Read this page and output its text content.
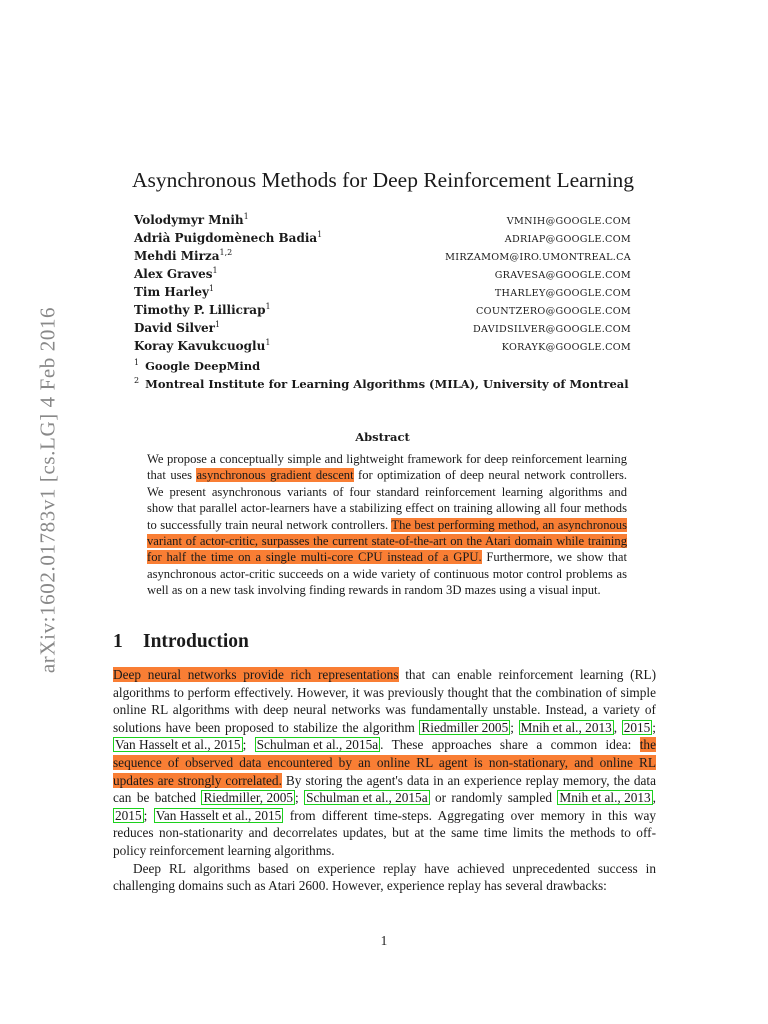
arXiv:1602.01783v1 [cs.LG] 4 Feb 2016
Asynchronous Methods for Deep Reinforcement Learning
Volodymyr Mnih$^1$	VMNIH@GOOGLE.COM
Adrià Puigdomènech Badia$^1$	ADRIAP@GOOGLE.COM
Mehdi Mirza$^{1,2}$	MIRZAMOM@IRO.UMONTREAL.CA
Alex Graves$^1$	GRAVESA@GOOGLE.COM
Tim Harley$^1$	THARLEY@GOOGLE.COM
Timothy P. Lillicrap$^1$	COUNTZERO@GOOGLE.COM
David Silver$^1$	DAVIDSILVER@GOOGLE.COM
Koray Kavukcuoglu$^1$	KORAYK@GOOGLE.COM
$^1$ Google DeepMind
$^2$ Montreal Institute for Learning Algorithms (MILA), University of Montreal
Abstract
We propose a conceptually simple and lightweight framework for deep reinforcement learning that uses asynchronous gradient descent for optimization of deep neural network controllers. We present asynchronous variants of four standard reinforcement learning algorithms and show that parallel actor-learners have a stabilizing effect on training allowing all four methods to successfully train neural network controllers. The best performing method, an asynchronous variant of actor-critic, surpasses the current state-of-the-art on the Atari domain while training for half the time on a single multi-core CPU instead of a GPU. Furthermore, we show that asynchronous actor-critic succeeds on a wide variety of continuous motor control problems as well as on a new task involving finding rewards in random 3D mazes using a visual input.
1 Introduction

Deep neural networks provide rich representations that can enable reinforcement learning (RL) algorithms to perform effectively. However, it was previously thought that the combination of simple online RL algorithms with deep neural networks was fundamentally unstable. Instead, a variety of solutions have been proposed to stabilize the algorithm Riedmiller 2005 ; Mnih et al., 2013 , 2015 ; Van Hasselt et al., 2015 ; Schulman et al., 2015a . These approaches share a common idea: the sequence of observed data encountered by an online RL agent is non-stationary, and online RL updates are strongly correlated. By storing the agent's data in an experience replay memory, the data can be batched Riedmiller, 2005 ; Schulman et al., 2015a or randomly sampled Mnih et al., 2013 , 2015 ; Van Hasselt et al., 2015 from different time-steps. Aggregating over memory in this way reduces non-stationarity and decorrelates updates, but at the same time limits the methods to off-policy reinforcement learning algorithms.

Deep RL algorithms based on experience replay have achieved unprecedented success in challenging domains such as Atari 2600. However, experience replay has several drawbacks:

1
